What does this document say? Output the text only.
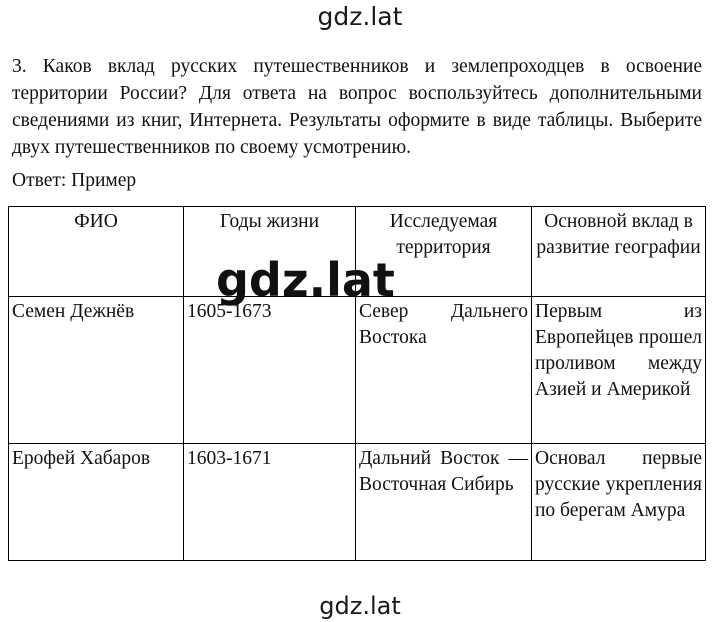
gdz.lat
3. Каков вклад русских путешественников и землепроходцев в освоение территории России? Для ответа на вопрос воспользуйтесь дополнительными сведениями из книг, Интернета. Результаты оформите в виде таблицы. Выберите двух путешественников по своему усмотрению.
Ответ: Пример
ФИО	Годы жизни	Исследуемая территория	Основной вклад в развитие географии
Семен Дежнёв	1605-1673	Север Дальнего Востока	Первым из Европейцев прошел проливом между Азией и Америкой
Ерофей Хабаров	1603-1671	Дальний Восток — Восточная Сибирь	Основал первые русские укрепления по берегам Амура
gdz.lat
gdz.lat
